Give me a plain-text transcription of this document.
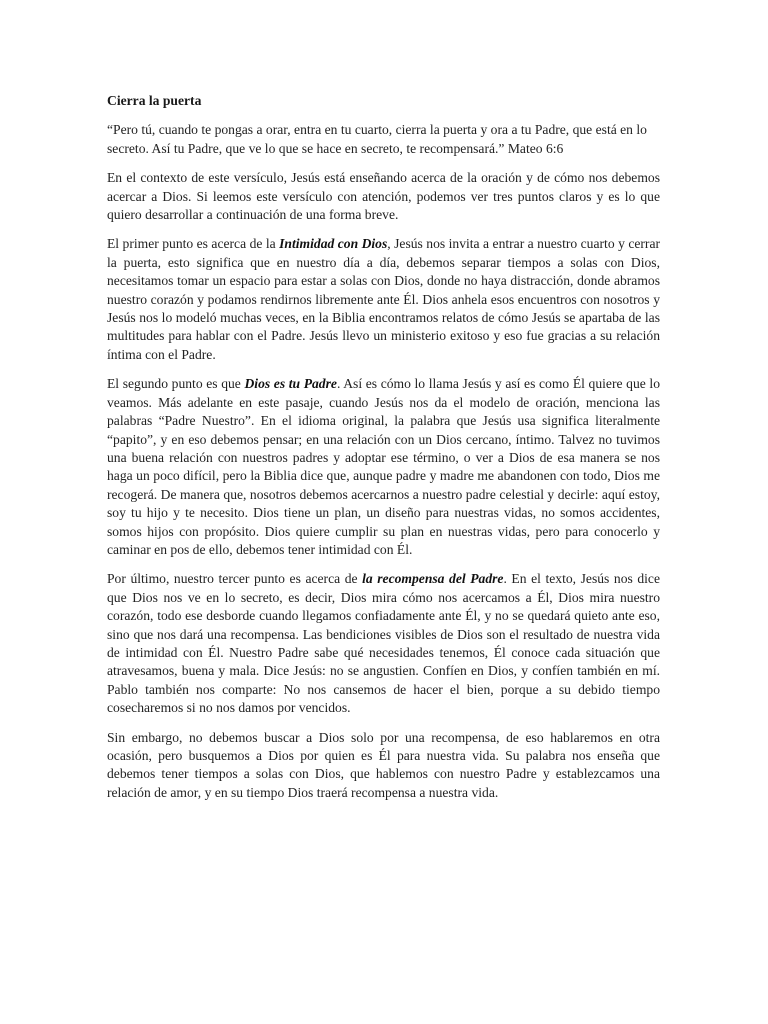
Cierra la puerta

“Pero tú, cuando te pongas a orar, entra en tu cuarto, cierra la puerta y ora a tu Padre, que está en lo secreto. Así tu Padre, que ve lo que se hace en secreto, te recompensará.” Mateo 6:6

En el contexto de este versículo, Jesús está enseñando acerca de la oración y de cómo nos debemos acercar a Dios. Si leemos este versículo con atención, podemos ver tres puntos claros y es lo que quiero desarrollar a continuación de una forma breve.

El primer punto es acerca de la Intimidad con Dios, Jesús nos invita a entrar a nuestro cuarto y cerrar la puerta, esto significa que en nuestro día a día, debemos separar tiempos a solas con Dios, necesitamos tomar un espacio para estar a solas con Dios, donde no haya distracción, donde abramos nuestro corazón y podamos rendirnos libremente ante Él. Dios anhela esos encuentros con nosotros y Jesús nos lo modeló muchas veces, en la Biblia encontramos relatos de cómo Jesús se apartaba de las multitudes para hablar con el Padre. Jesús llevo un ministerio exitoso y eso fue gracias a su relación íntima con el Padre.

El segundo punto es que Dios es tu Padre. Así es cómo lo llama Jesús y así es como Él quiere que lo veamos. Más adelante en este pasaje, cuando Jesús nos da el modelo de oración, menciona las palabras “Padre Nuestro”. En el idioma original, la palabra que Jesús usa significa literalmente “papito”, y en eso debemos pensar; en una relación con un Dios cercano, íntimo. Talvez no tuvimos una buena relación con nuestros padres y adoptar ese término, o ver a Dios de esa manera se nos haga un poco difícil, pero la Biblia dice que, aunque padre y madre me abandonen con todo, Dios me recogerá. De manera que, nosotros debemos acercarnos a nuestro padre celestial y decirle: aquí estoy, soy tu hijo y te necesito. Dios tiene un plan, un diseño para nuestras vidas, no somos accidentes, somos hijos con propósito. Dios quiere cumplir su plan en nuestras vidas, pero para conocerlo y caminar en pos de ello, debemos tener intimidad con Él.

Por último, nuestro tercer punto es acerca de la recompensa del Padre. En el texto, Jesús nos dice que Dios nos ve en lo secreto, es decir, Dios mira cómo nos acercamos a Él, Dios mira nuestro corazón, todo ese desborde cuando llegamos confiadamente ante Él, y no se quedará quieto ante eso, sino que nos dará una recompensa. Las bendiciones visibles de Dios son el resultado de nuestra vida de intimidad con Él. Nuestro Padre sabe qué necesidades tenemos, Él conoce cada situación que atravesamos, buena y mala. Dice Jesús: no se angustien. Confíen en Dios, y confíen también en mí. Pablo también nos comparte: No nos cansemos de hacer el bien, porque a su debido tiempo cosecharemos si no nos damos por vencidos.

Sin embargo, no debemos buscar a Dios solo por una recompensa, de eso hablaremos en otra ocasión, pero busquemos a Dios por quien es Él para nuestra vida. Su palabra nos enseña que debemos tener tiempos a solas con Dios, que hablemos con nuestro Padre y establezcamos una relación de amor, y en su tiempo Dios traerá recompensa a nuestra vida.
